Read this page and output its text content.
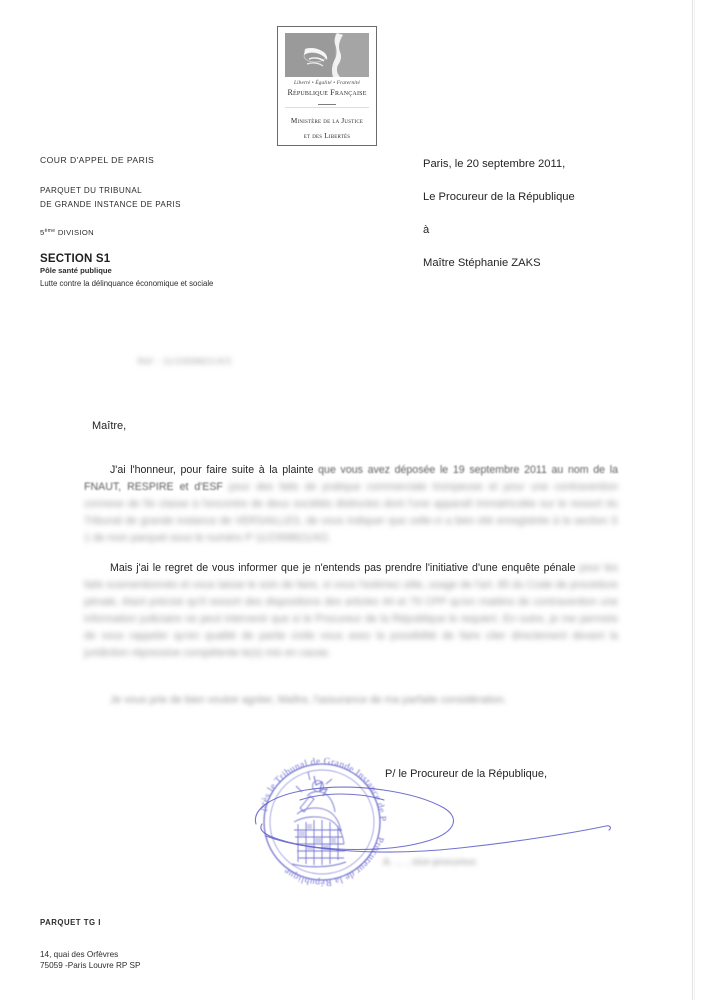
Liberté • Égalité • Fraternité
République Française
Ministère de la Justice
et des Libertés
COUR D'APPEL DE PARIS
PARQUET DU TRIBUNAL
DE GRANDE INSTANCE DE PARIS
5ème DIVISION
SECTION S1
Pôle santé publique
Lutte contre la délinquance économique et sociale
Paris, le 20 septembre 2011,
Le Procureur de la République
à
Maître Stéphanie ZAKS
Réf : 11/2358821/4/2
Maître,
J'ai l'honneur, pour faire suite à la plainte que vous avez déposée le 19 septembre 2011 au nom de la FNAUT, RESPIRE et d'ESF pour des faits de pratique commerciale trompeuse et pour une contravention connexe de 5è classe à l'encontre de deux sociétés distinctes dont l'une apparaît immatriculée sur le ressort du Tribunal de grande instance de VERSAILLES, de vous indiquer que celle-ci a bien été enregistrée à la section S 1 de mon parquet sous le numéro P 11/2358821/4/2.
Mais j'ai le regret de vous informer que je n'entends pas prendre l'initiative d'une enquête pénale pour les faits susmentionnés et vous laisse le soin de faire, si vous l'estimez utile, usage de l'art. 85 du Code de procédure pénale, étant précisé qu'il ressort des dispositions des articles 44 et 79 CPP qu'en matière de contravention une information judiciaire ne peut intervenir que si le Procureur de la République le requiert. En outre, je me permets de vous rappeler qu'en qualité de partie civile vous avez la possibilité de faire citer directement devant la juridiction répressive compétente le(s) mis en cause.
Je vous prie de bien vouloir agréer, Maître, l'assurance de ma parfaite considération.
P/ le Procureur de la République,
près le Tribunal de Grande Instance de P
Procureur de la République
A. ... , vice-procureur.
PARQUET TG I
14, quai des Orfèvres
75059 -Paris Louvre RP SP
